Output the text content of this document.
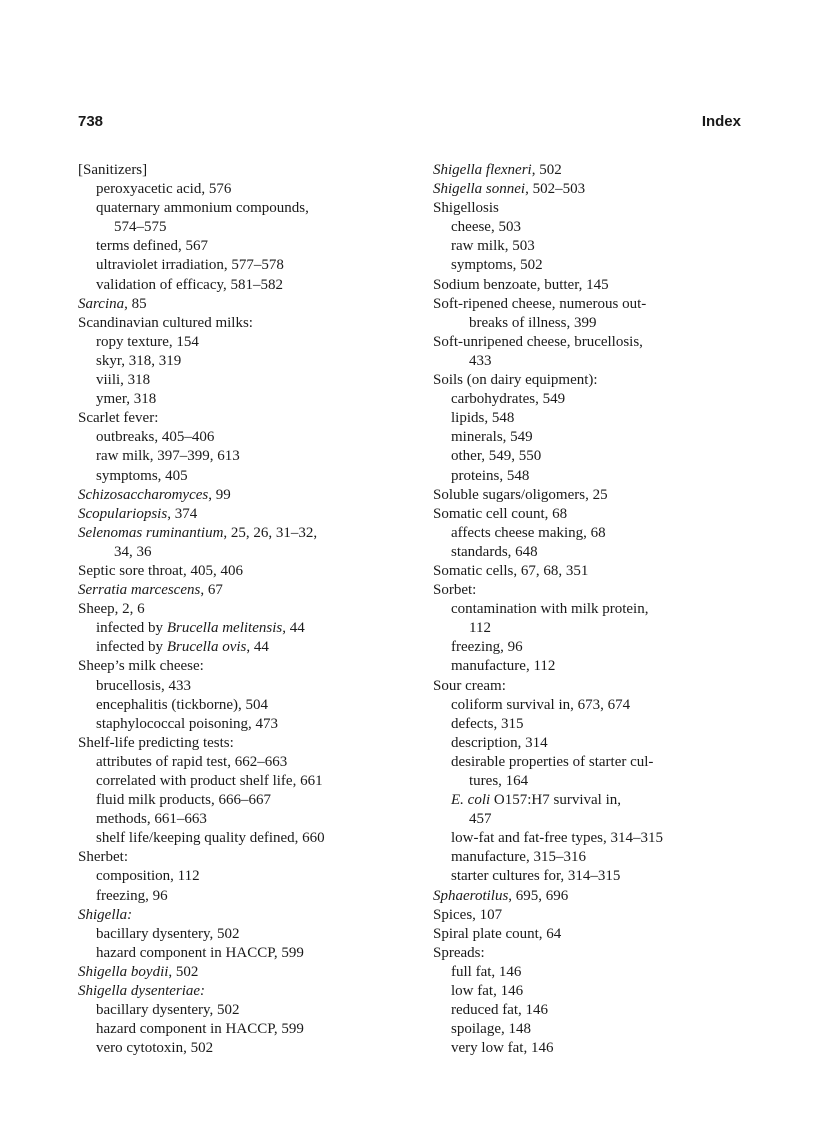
738	Index
[Sanitizers]
peroxyacetic acid, 576
quaternary ammonium compounds,
574–575
terms defined, 567
ultraviolet irradiation, 577–578
validation of efficacy, 581–582
Sarcina, 85
Scandinavian cultured milks:
ropy texture, 154
skyr, 318, 319
viili, 318
ymer, 318
Scarlet fever:
outbreaks, 405–406
raw milk, 397–399, 613
symptoms, 405
Schizosaccharomyces, 99
Scopulariopsis, 374
Selenomas ruminantium, 25, 26, 31–32,
34, 36
Septic sore throat, 405, 406
Serratia marcescens, 67
Sheep, 2, 6
infected by Brucella melitensis, 44
infected by Brucella ovis, 44
Sheep’s milk cheese:
brucellosis, 433
encephalitis (tickborne), 504
staphylococcal poisoning, 473
Shelf-life predicting tests:
attributes of rapid test, 662–663
correlated with product shelf life, 661
fluid milk products, 666–667
methods, 661–663
shelf life/keeping quality defined, 660
Sherbet:
composition, 112
freezing, 96
Shigella:
bacillary dysentery, 502
hazard component in HACCP, 599
Shigella boydii, 502
Shigella dysenteriae:
bacillary dysentery, 502
hazard component in HACCP, 599
vero cytotoxin, 502
Shigella flexneri, 502
Shigella sonnei, 502–503
Shigellosis
cheese, 503
raw milk, 503
symptoms, 502
Sodium benzoate, butter, 145
Soft-ripened cheese, numerous out-
breaks of illness, 399
Soft-unripened cheese, brucellosis,
433
Soils (on dairy equipment):
carbohydrates, 549
lipids, 548
minerals, 549
other, 549, 550
proteins, 548
Soluble sugars/oligomers, 25
Somatic cell count, 68
affects cheese making, 68
standards, 648
Somatic cells, 67, 68, 351
Sorbet:
contamination with milk protein,
112
freezing, 96
manufacture, 112
Sour cream:
coliform survival in, 673, 674
defects, 315
description, 314
desirable properties of starter cul-
tures, 164
E. coli O157:H7 survival in,
457
low-fat and fat-free types, 314–315
manufacture, 315–316
starter cultures for, 314–315
Sphaerotilus, 695, 696
Spices, 107
Spiral plate count, 64
Spreads:
full fat, 146
low fat, 146
reduced fat, 146
spoilage, 148
very low fat, 146
